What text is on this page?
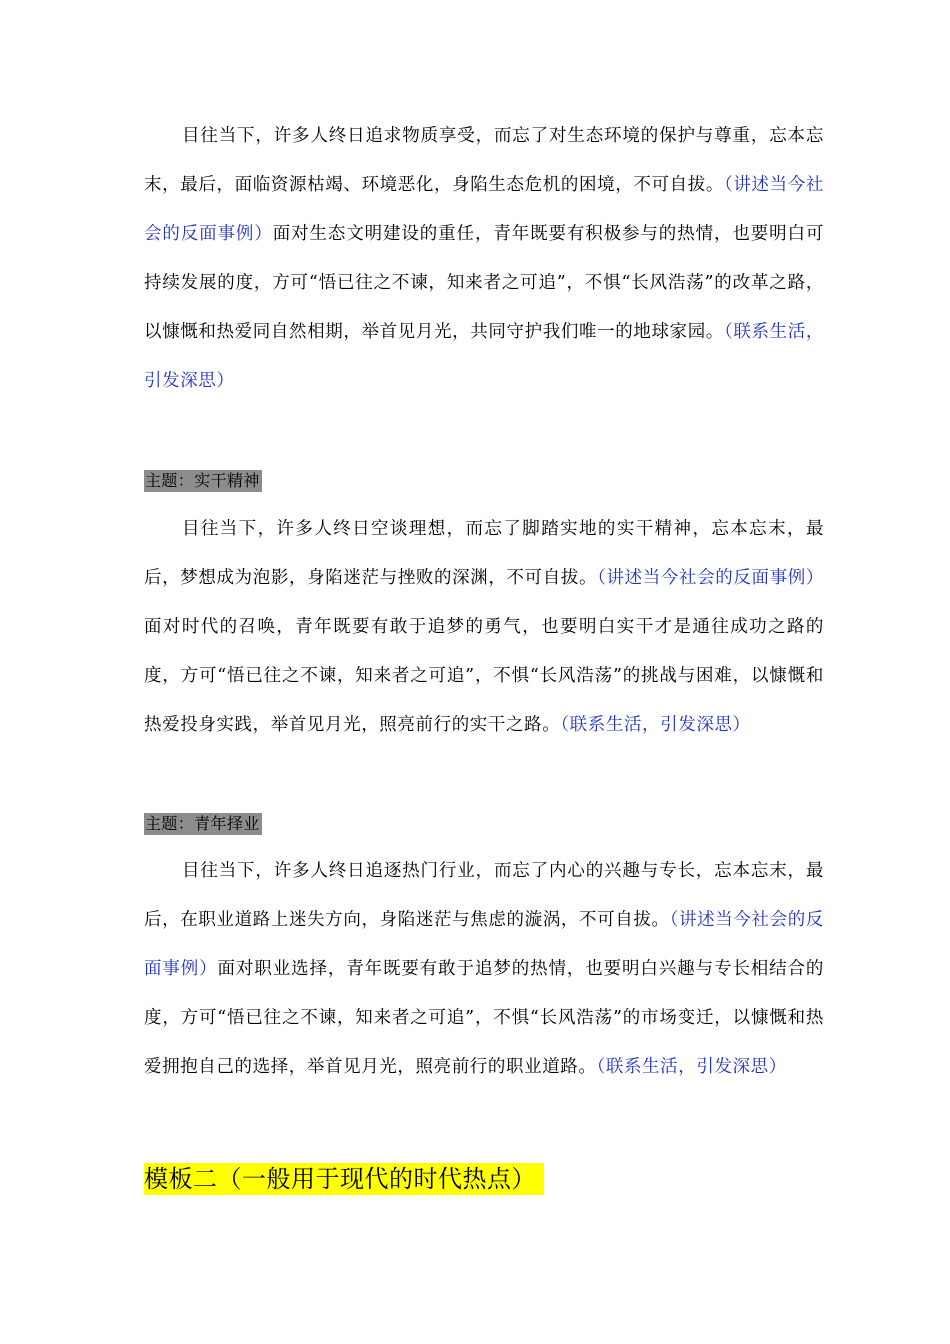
目往当下，许多人终日追求物质享受，而忘了对生态环境的保护与尊重，忘本忘末，最后，面临资源枯竭、环境恶化，身陷生态危机的困境，不可自拔。（讲述当今社会的反面事例）面对生态文明建设的重任，青年既要有积极参与的热情，也要明白可持续发展的度，方可“悟已往之不谏，知来者之可追”，不惧“长风浩荡”的改革之路，以慷慨和热爱同自然相期，举首见月光，共同守护我们唯一的地球家园。（联系生活，引发深思）

主题：实干精神

目往当下，许多人终日空谈理想，而忘了脚踏实地的实干精神，忘本忘末，最后，梦想成为泡影，身陷迷茫与挫败的深渊，不可自拔。（讲述当今社会的反面事例）面对时代的召唤，青年既要有敢于追梦的勇气，也要明白实干才是通往成功之路的度，方可“悟已往之不谏，知来者之可追”，不惧“长风浩荡”的挑战与困难，以慷慨和热爱投身实践，举首见月光，照亮前行的实干之路。（联系生活，引发深思）

主题：青年择业

目往当下，许多人终日追逐热门行业，而忘了内心的兴趣与专长，忘本忘末，最后，在职业道路上迷失方向，身陷迷茫与焦虑的漩涡，不可自拔。（讲述当今社会的反面事例）面对职业选择，青年既要有敢于追梦的热情，也要明白兴趣与专长相结合的度，方可“悟已往之不谏，知来者之可追”，不惧“长风浩荡”的市场变迁，以慷慨和热爱拥抱自己的选择，举首见月光，照亮前行的职业道路。（联系生活，引发深思）

模板二（一般用于现代的时代热点）
